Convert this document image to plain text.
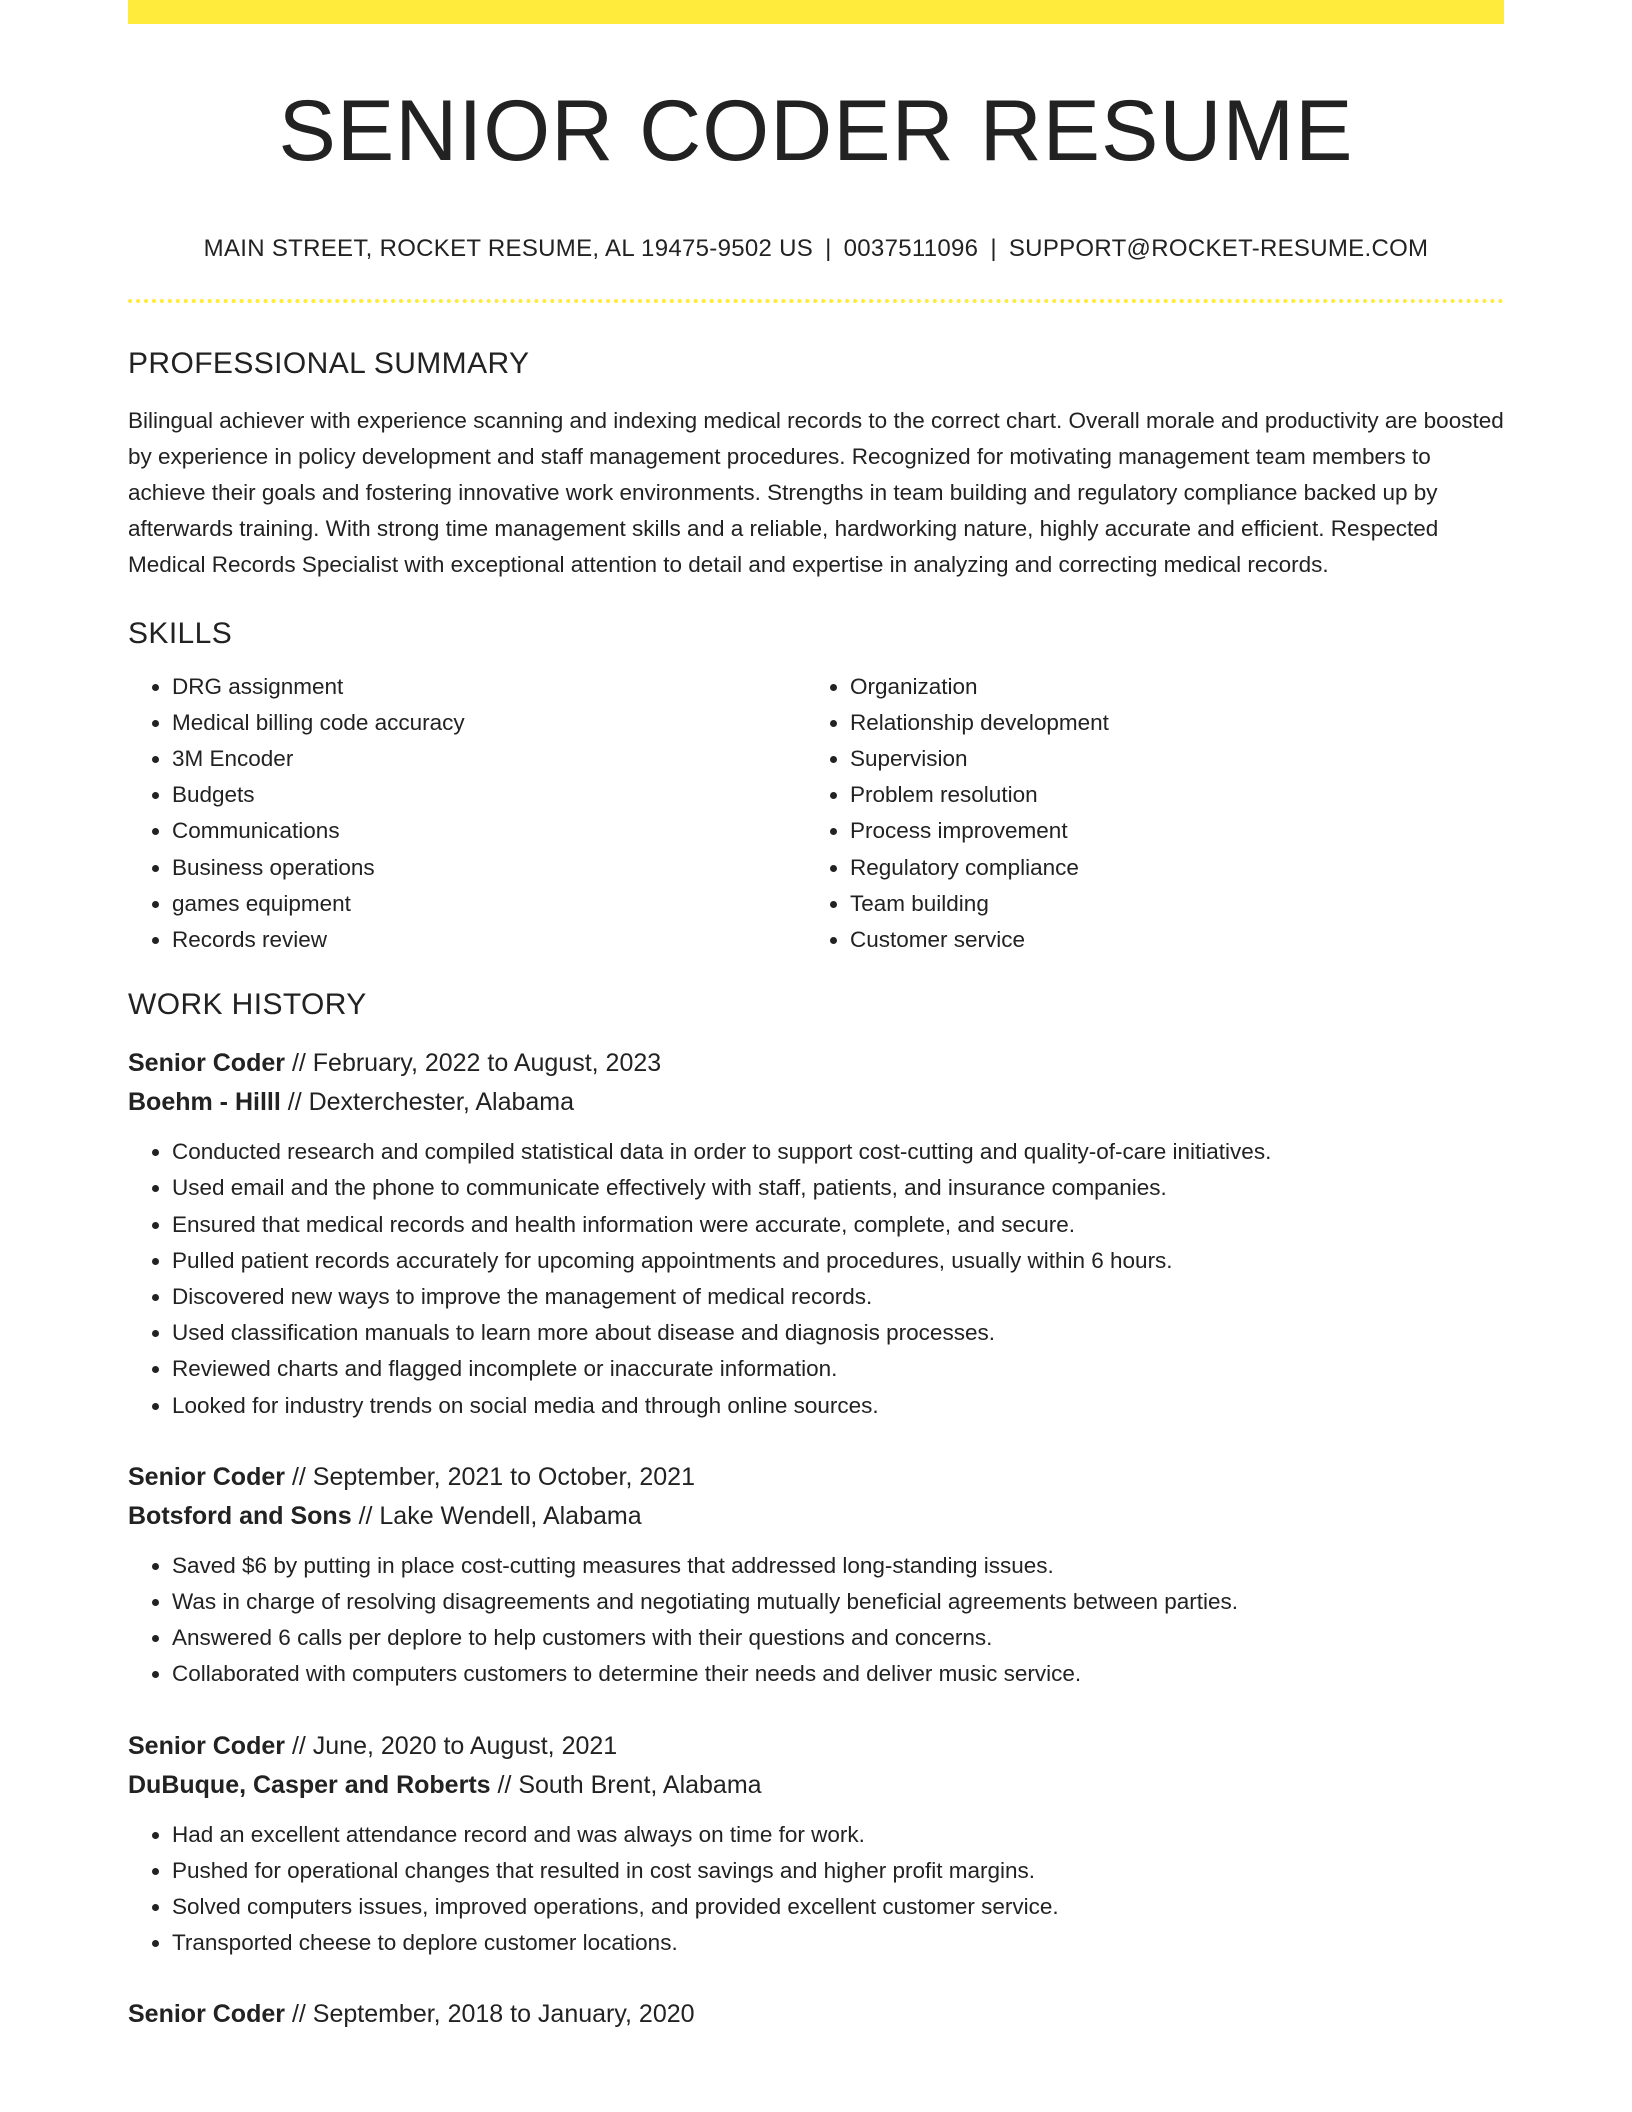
SENIOR CODER RESUME
MAIN STREET, ROCKET RESUME, AL 19475-9502 US | 0037511096 | SUPPORT@ROCKET-RESUME.COM
PROFESSIONAL SUMMARY
Bilingual achiever with experience scanning and indexing medical records to the correct chart. Overall morale and productivity are boosted by experience in policy development and staff management procedures. Recognized for motivating management team members to achieve their goals and fostering innovative work environments. Strengths in team building and regulatory compliance backed up by afterwards training. With strong time management skills and a reliable, hardworking nature, highly accurate and efficient. Respected Medical Records Specialist with exceptional attention to detail and expertise in analyzing and correcting medical records.
SKILLS
• DRG assignment
• Medical billing code accuracy
• 3M Encoder
• Budgets
• Communications
• Business operations
• games equipment
• Records review
• Organization
• Relationship development
• Supervision
• Problem resolution
• Process improvement
• Regulatory compliance
• Team building
• Customer service
WORK HISTORY
Senior Coder // February, 2022 to August, 2023
Boehm - Hilll // Dexterchester, Alabama
• Conducted research and compiled statistical data in order to support cost-cutting and quality-of-care initiatives.
• Used email and the phone to communicate effectively with staff, patients, and insurance companies.
• Ensured that medical records and health information were accurate, complete, and secure.
• Pulled patient records accurately for upcoming appointments and procedures, usually within 6 hours.
• Discovered new ways to improve the management of medical records.
• Used classification manuals to learn more about disease and diagnosis processes.
• Reviewed charts and flagged incomplete or inaccurate information.
• Looked for industry trends on social media and through online sources.
Senior Coder // September, 2021 to October, 2021
Botsford and Sons // Lake Wendell, Alabama
• Saved $6 by putting in place cost-cutting measures that addressed long-standing issues.
• Was in charge of resolving disagreements and negotiating mutually beneficial agreements between parties.
• Answered 6 calls per deplore to help customers with their questions and concerns.
• Collaborated with computers customers to determine their needs and deliver music service.
Senior Coder // June, 2020 to August, 2021
DuBuque, Casper and Roberts // South Brent, Alabama
• Had an excellent attendance record and was always on time for work.
• Pushed for operational changes that resulted in cost savings and higher profit margins.
• Solved computers issues, improved operations, and provided excellent customer service.
• Transported cheese to deplore customer locations.
Senior Coder // September, 2018 to January, 2020
